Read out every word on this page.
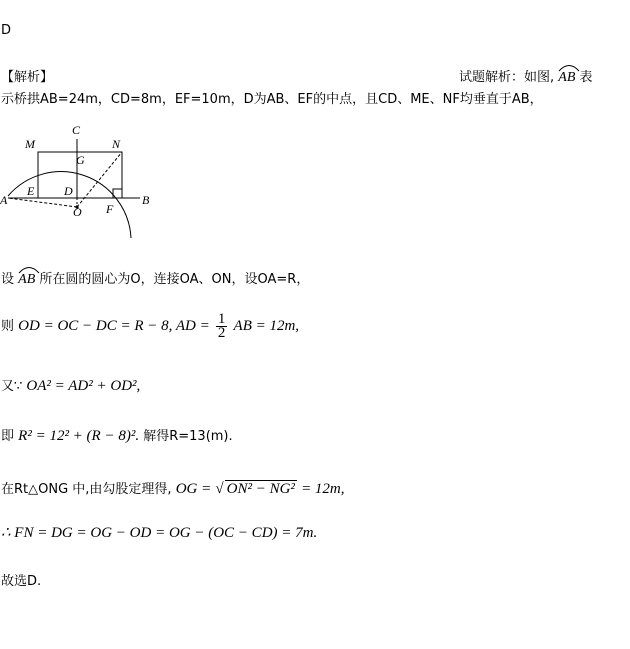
D
【解析】	试题解析：如图, AB 表
示桥拱AB=24m，CD=8m，EF=10m，D为AB、EF的中点，且CD、ME、NF均垂直于AB，
M
C
N
G
E D
A
O F
B
设 AB 所在圆的圆心为O，连接OA、ON，设OA=R，
则 OD = OC − DC = R − 8, AD = $\frac{1}{2}$ AB = 12m,
又∵ OA² = AD² + OD²,
即 R² = 12² + (R − 8)². 解得R=13(m).
在Rt△ONG 中,由勾股定理得, OG = √ ON² − NG² = 12m,
∴ FN = DG = OG − OD = OG − (OC − CD) = 7m.
故选D.
